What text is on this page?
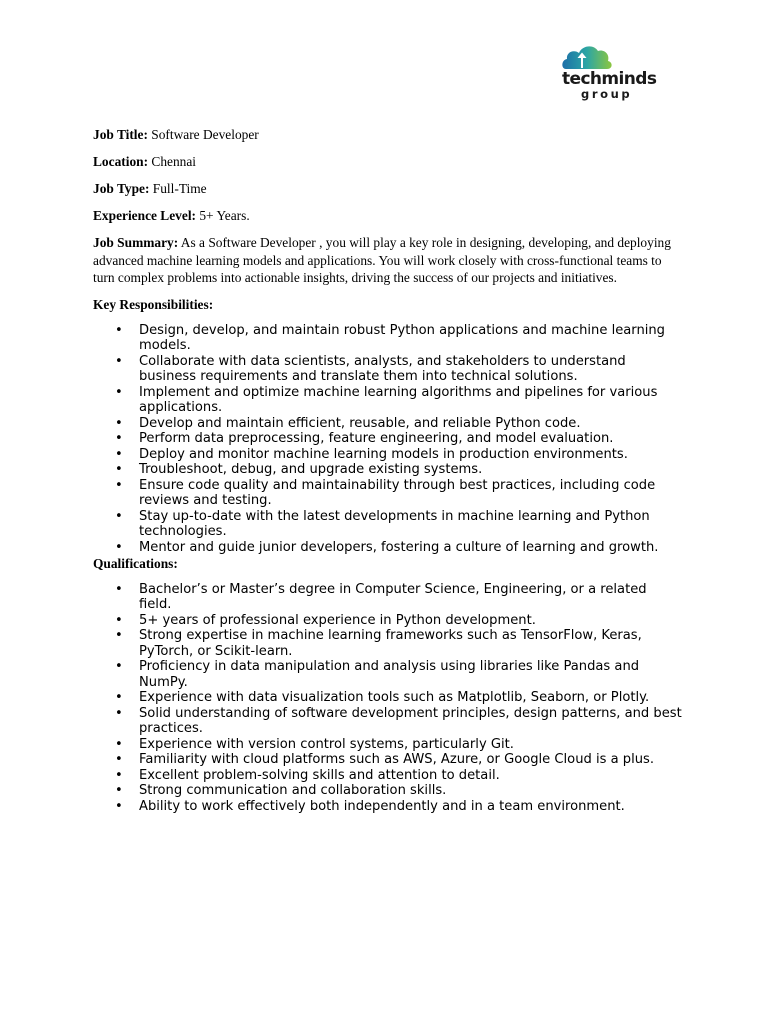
techminds
group

Job Title: Software Developer

Location: Chennai

Job Type: Full-Time

Experience Level: 5+ Years.

Job Summary: As a Software Developer , you will play a key role in designing, developing, and deploying advanced machine learning models and applications. You will work closely with cross-functional teams to turn complex problems into actionable insights, driving the success of our projects and initiatives.

Key Responsibilities:

• Design, develop, and maintain robust Python applications and machine learning models.
• Collaborate with data scientists, analysts, and stakeholders to understand business requirements and translate them into technical solutions.
• Implement and optimize machine learning algorithms and pipelines for various applications.
• Develop and maintain efficient, reusable, and reliable Python code.
• Perform data preprocessing, feature engineering, and model evaluation.
• Deploy and monitor machine learning models in production environments.
• Troubleshoot, debug, and upgrade existing systems.
• Ensure code quality and maintainability through best practices, including code reviews and testing.
• Stay up-to-date with the latest developments in machine learning and Python technologies.
• Mentor and guide junior developers, fostering a culture of learning and growth.

Qualifications:

• Bachelor’s or Master’s degree in Computer Science, Engineering, or a related field.
• 5+ years of professional experience in Python development.
• Strong expertise in machine learning frameworks such as TensorFlow, Keras, PyTorch, or Scikit-learn.
• Proficiency in data manipulation and analysis using libraries like Pandas and NumPy.
• Experience with data visualization tools such as Matplotlib, Seaborn, or Plotly.
• Solid understanding of software development principles, design patterns, and best practices.
• Experience with version control systems, particularly Git.
• Familiarity with cloud platforms such as AWS, Azure, or Google Cloud is a plus.
• Excellent problem-solving skills and attention to detail.
• Strong communication and collaboration skills.
• Ability to work effectively both independently and in a team environment.
